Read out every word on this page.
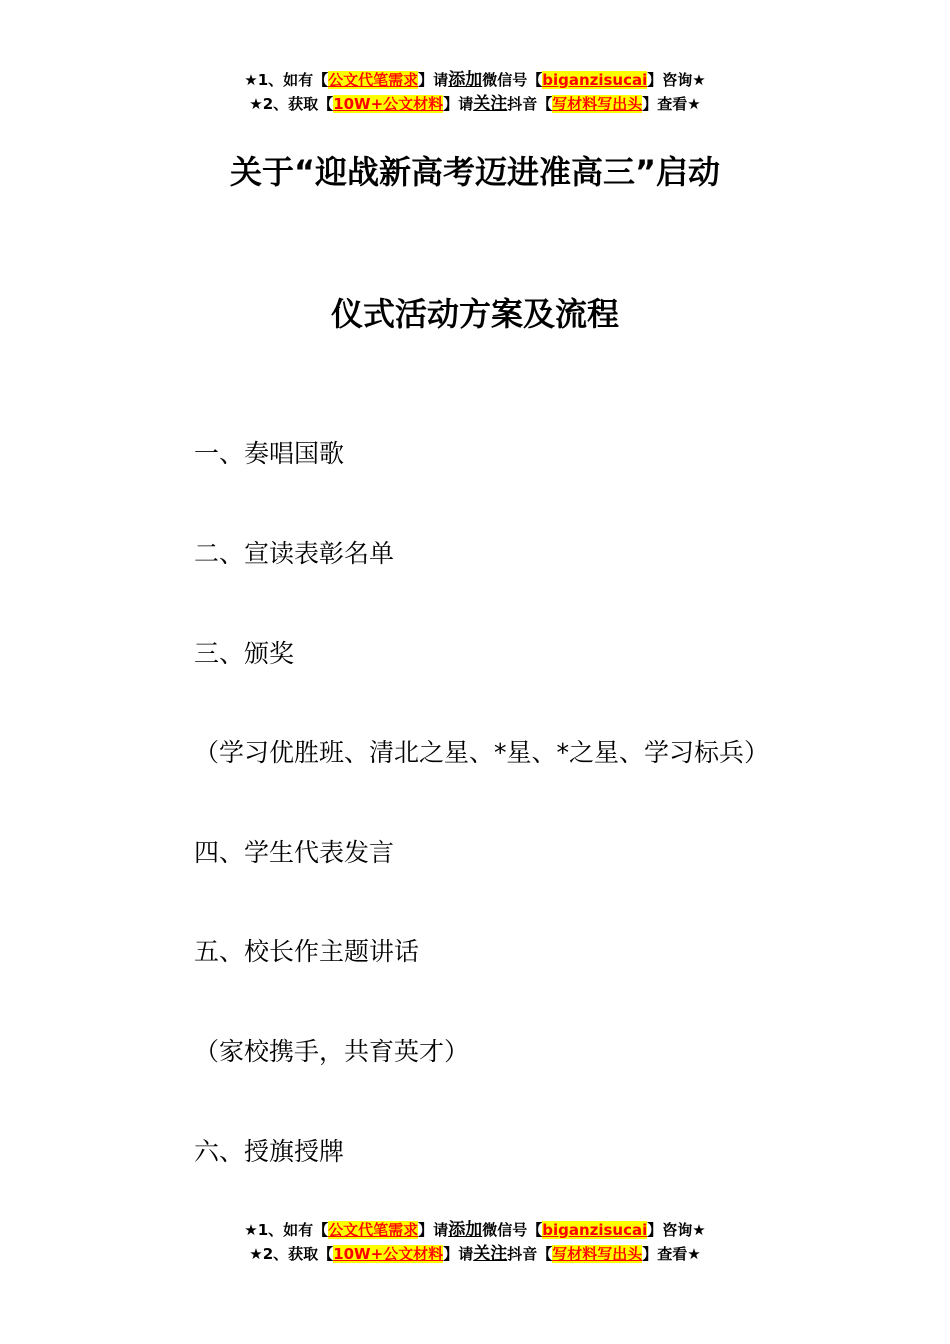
★1、如有【公文代笔需求】请添加微信号【biganzisucai】咨询★
★2、获取【10W+公文材料】请关注抖音【写材料写出头】查看★
关于“迎战新高考迈进准高三”启动
仪式活动方案及流程
一、奏唱国歌
二、宣读表彰名单
三、颁奖
（学习优胜班、清北之星、*星、*之星、学习标兵）
四、学生代表发言
五、校长作主题讲话
（家校携手，共育英才）
六、授旗授牌
★1、如有【公文代笔需求】请添加微信号【biganzisucai】咨询★
★2、获取【10W+公文材料】请关注抖音【写材料写出头】查看★
